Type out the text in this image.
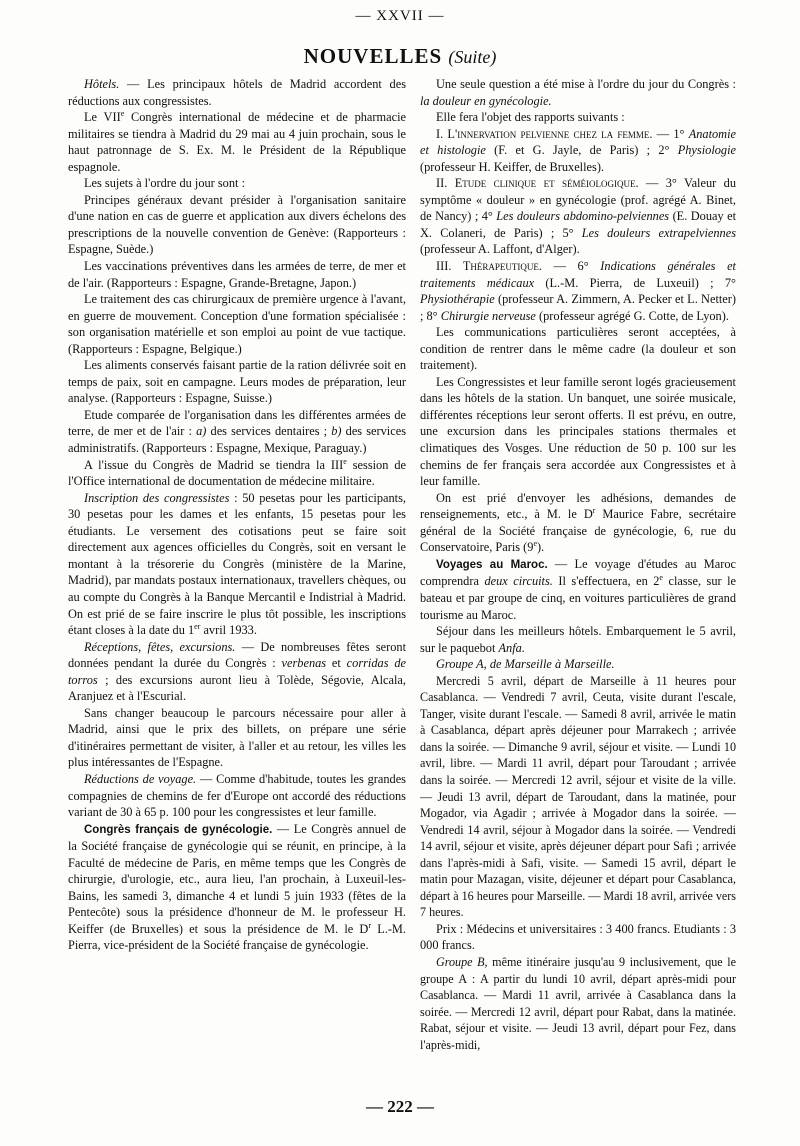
— XXVII —
NOUVELLES (Suite)

Hôtels. — Les principaux hôtels de Madrid accordent des réductions aux congressistes.

Le VIIe Congrès international de médecine et de pharmacie militaires se tiendra à Madrid du 29 mai au 4 juin prochain, sous le haut patronnage de S. Ex. M. le Président de la République espagnole.

Les sujets à l'ordre du jour sont :

Principes généraux devant présider à l'organisation sanitaire d'une nation en cas de guerre et application aux divers échelons des prescriptions de la nouvelle convention de Genève: (Rapporteurs : Espagne, Suède.)

Les vaccinations préventives dans les armées de terre, de mer et de l'air. (Rapporteurs : Espagne, Grande-Bretagne, Japon.)

Le traitement des cas chirurgicaux de première urgence à l'avant, en guerre de mouvement. Conception d'une formation spécialisée : son organisation matérielle et son emploi au point de vue tactique. (Rapporteurs : Espagne, Belgique.)

Les aliments conservés faisant partie de la ration délivrée soit en temps de paix, soit en campagne. Leurs modes de préparation, leur analyse. (Rapporteurs : Espagne, Suisse.)

Etude comparée de l'organisation dans les différentes armées de terre, de mer et de l'air : a) des services dentaires ; b) des services administratifs. (Rapporteurs : Espagne, Mexique, Paraguay.)

A l'issue du Congrès de Madrid se tiendra la IIIe session de l'Office international de documentation de médecine militaire.

Inscription des congressistes : 50 pesetas pour les participants, 30 pesetas pour les dames et les enfants, 15 pesetas pour les étudiants. Le versement des cotisations peut se faire soit directement aux agences officielles du Congrès, soit en versant le montant à la trésorerie du Congrès (ministère de la Marine, Madrid), par mandats postaux internationaux, travellers chèques, ou au compte du Congrès à la Banque Mercantil e Indistrial à Madrid. On est prié de se faire inscrire le plus tôt possible, les inscriptions étant closes à la date du 1er avril 1933.

Réceptions, fêtes, excursions. — De nombreuses fêtes seront données pendant la durée du Congrès : verbenas et corridas de torros ; des excursions auront lieu à Tolède, Ségovie, Alcala, Aranjuez et à l'Escurial.

Sans changer beaucoup le parcours nécessaire pour aller à Madrid, ainsi que le prix des billets, on prépare une série d'itinéraires permettant de visiter, à l'aller et au retour, les villes les plus intéressantes de l'Espagne.

Réductions de voyage. — Comme d'habitude, toutes les grandes compagnies de chemins de fer d'Europe ont accordé des réductions variant de 30 à 65 p. 100 pour les congressistes et leur famille.

Congrès français de gynécologie. — Le Congrès annuel de la Société française de gynécologie qui se réunit, en principe, à la Faculté de médecine de Paris, en même temps que les Congrès de chirurgie, d'urologie, etc., aura lieu, l'an prochain, à Luxeuil-les-Bains, les samedi 3, dimanche 4 et lundi 5 juin 1933 (fêtes de la Pentecôte) sous la présidence d'honneur de M. le professeur H. Keiffer (de Bruxelles) et sous la présidence de M. le $D^r$ L.-M. Pierra, vice-président de la Société française de gynécologie.

Une seule question a été mise à l'ordre du jour du Congrès : la douleur en gynécologie.

Elle fera l'objet des rapports suivants :

I. L'innervation pelvienne chez la femme. — 1° Anatomie et histologie (F. et G. Jayle, de Paris) ; 2° Physiologie (professeur H. Keiffer, de Bruxelles).

II. Etude clinique et séméiologique. — 3° Valeur du symptôme « douleur » en gynécologie (prof. agrégé A. Binet, de Nancy) ; 4° Les douleurs abdomino-pelviennes (E. Douay et X. Colaneri, de Paris) ; 5° Les douleurs extrapelviennes (professeur A. Laffont, d'Alger).

III. Thérapeutique. — 6° Indications générales et traitements médicaux (L.-M. Pierra, de Luxeuil) ; 7° Physiothérapie (professeur A. Zimmern, A. Pecker et L. Netter) ; 8° Chirurgie nerveuse (professeur agrégé G. Cotte, de Lyon).

Les communications particulières seront acceptées, à condition de rentrer dans le même cadre (la douleur et son traitement).

Les Congressistes et leur famille seront logés gracieusement dans les hôtels de la station. Un banquet, une soirée musicale, différentes réceptions leur seront offerts. Il est prévu, en outre, une excursion dans les principales stations thermales et climatiques des Vosges. Une réduction de 50 p. 100 sur les chemins de fer français sera accordée aux Congressistes et à leur famille.

On est prié d'envoyer les adhésions, demandes de renseignements, etc., à M. le $D^r$ Maurice Fabre, secrétaire général de la Société française de gynécologie, 6, rue du Conservatoire, Paris (9e).

Voyages au Maroc. — Le voyage d'études au Maroc comprendra deux circuits. Il s'effectuera, en 2e classe, sur le bateau et par groupe de cinq, en voitures particulières de grand tourisme au Maroc.

Séjour dans les meilleurs hôtels. Embarquement le 5 avril, sur le paquebot Anfa.

Groupe A, de Marseille à Marseille.

Mercredi 5 avril, départ de Marseille à 11 heures pour Casablanca. — Vendredi 7 avril, Ceuta, visite durant l'escale, Tanger, visite durant l'escale. — Samedi 8 avril, arrivée le matin à Casablanca, départ après déjeuner pour Marrakech ; arrivée dans la soirée. — Dimanche 9 avril, séjour et visite. — Lundi 10 avril, libre. — Mardi 11 avril, départ pour Taroudant ; arrivée dans la soirée. — Mercredi 12 avril, séjour et visite de la ville. — Jeudi 13 avril, départ de Taroudant, dans la matinée, pour Mogador, via Agadir ; arrivée à Mogador dans la soirée. — Vendredi 14 avril, séjour à Mogador dans la soirée. — Vendredi 14 avril, séjour et visite, après déjeuner départ pour Safi ; arrivée dans l'après-midi à Safi, visite. — Samedi 15 avril, départ le matin pour Mazagan, visite, déjeuner et départ pour Casablanca, départ à 16 heures pour Marseille. — Mardi 18 avril, arrivée vers 7 heures.

Prix : Médecins et universitaires : 3 400 francs. Etudiants : 3 000 francs.

Groupe B, même itinéraire jusqu'au 9 inclusivement, que le groupe A : A partir du lundi 10 avril, départ après-midi pour Casablanca. — Mardi 11 avril, arrivée à Casablanca dans la soirée. — Mercredi 12 avril, départ pour Rabat, dans la matinée. Rabat, séjour et visite. — Jeudi 13 avril, départ pour Fez, dans l'après-midi,

— 222 —
